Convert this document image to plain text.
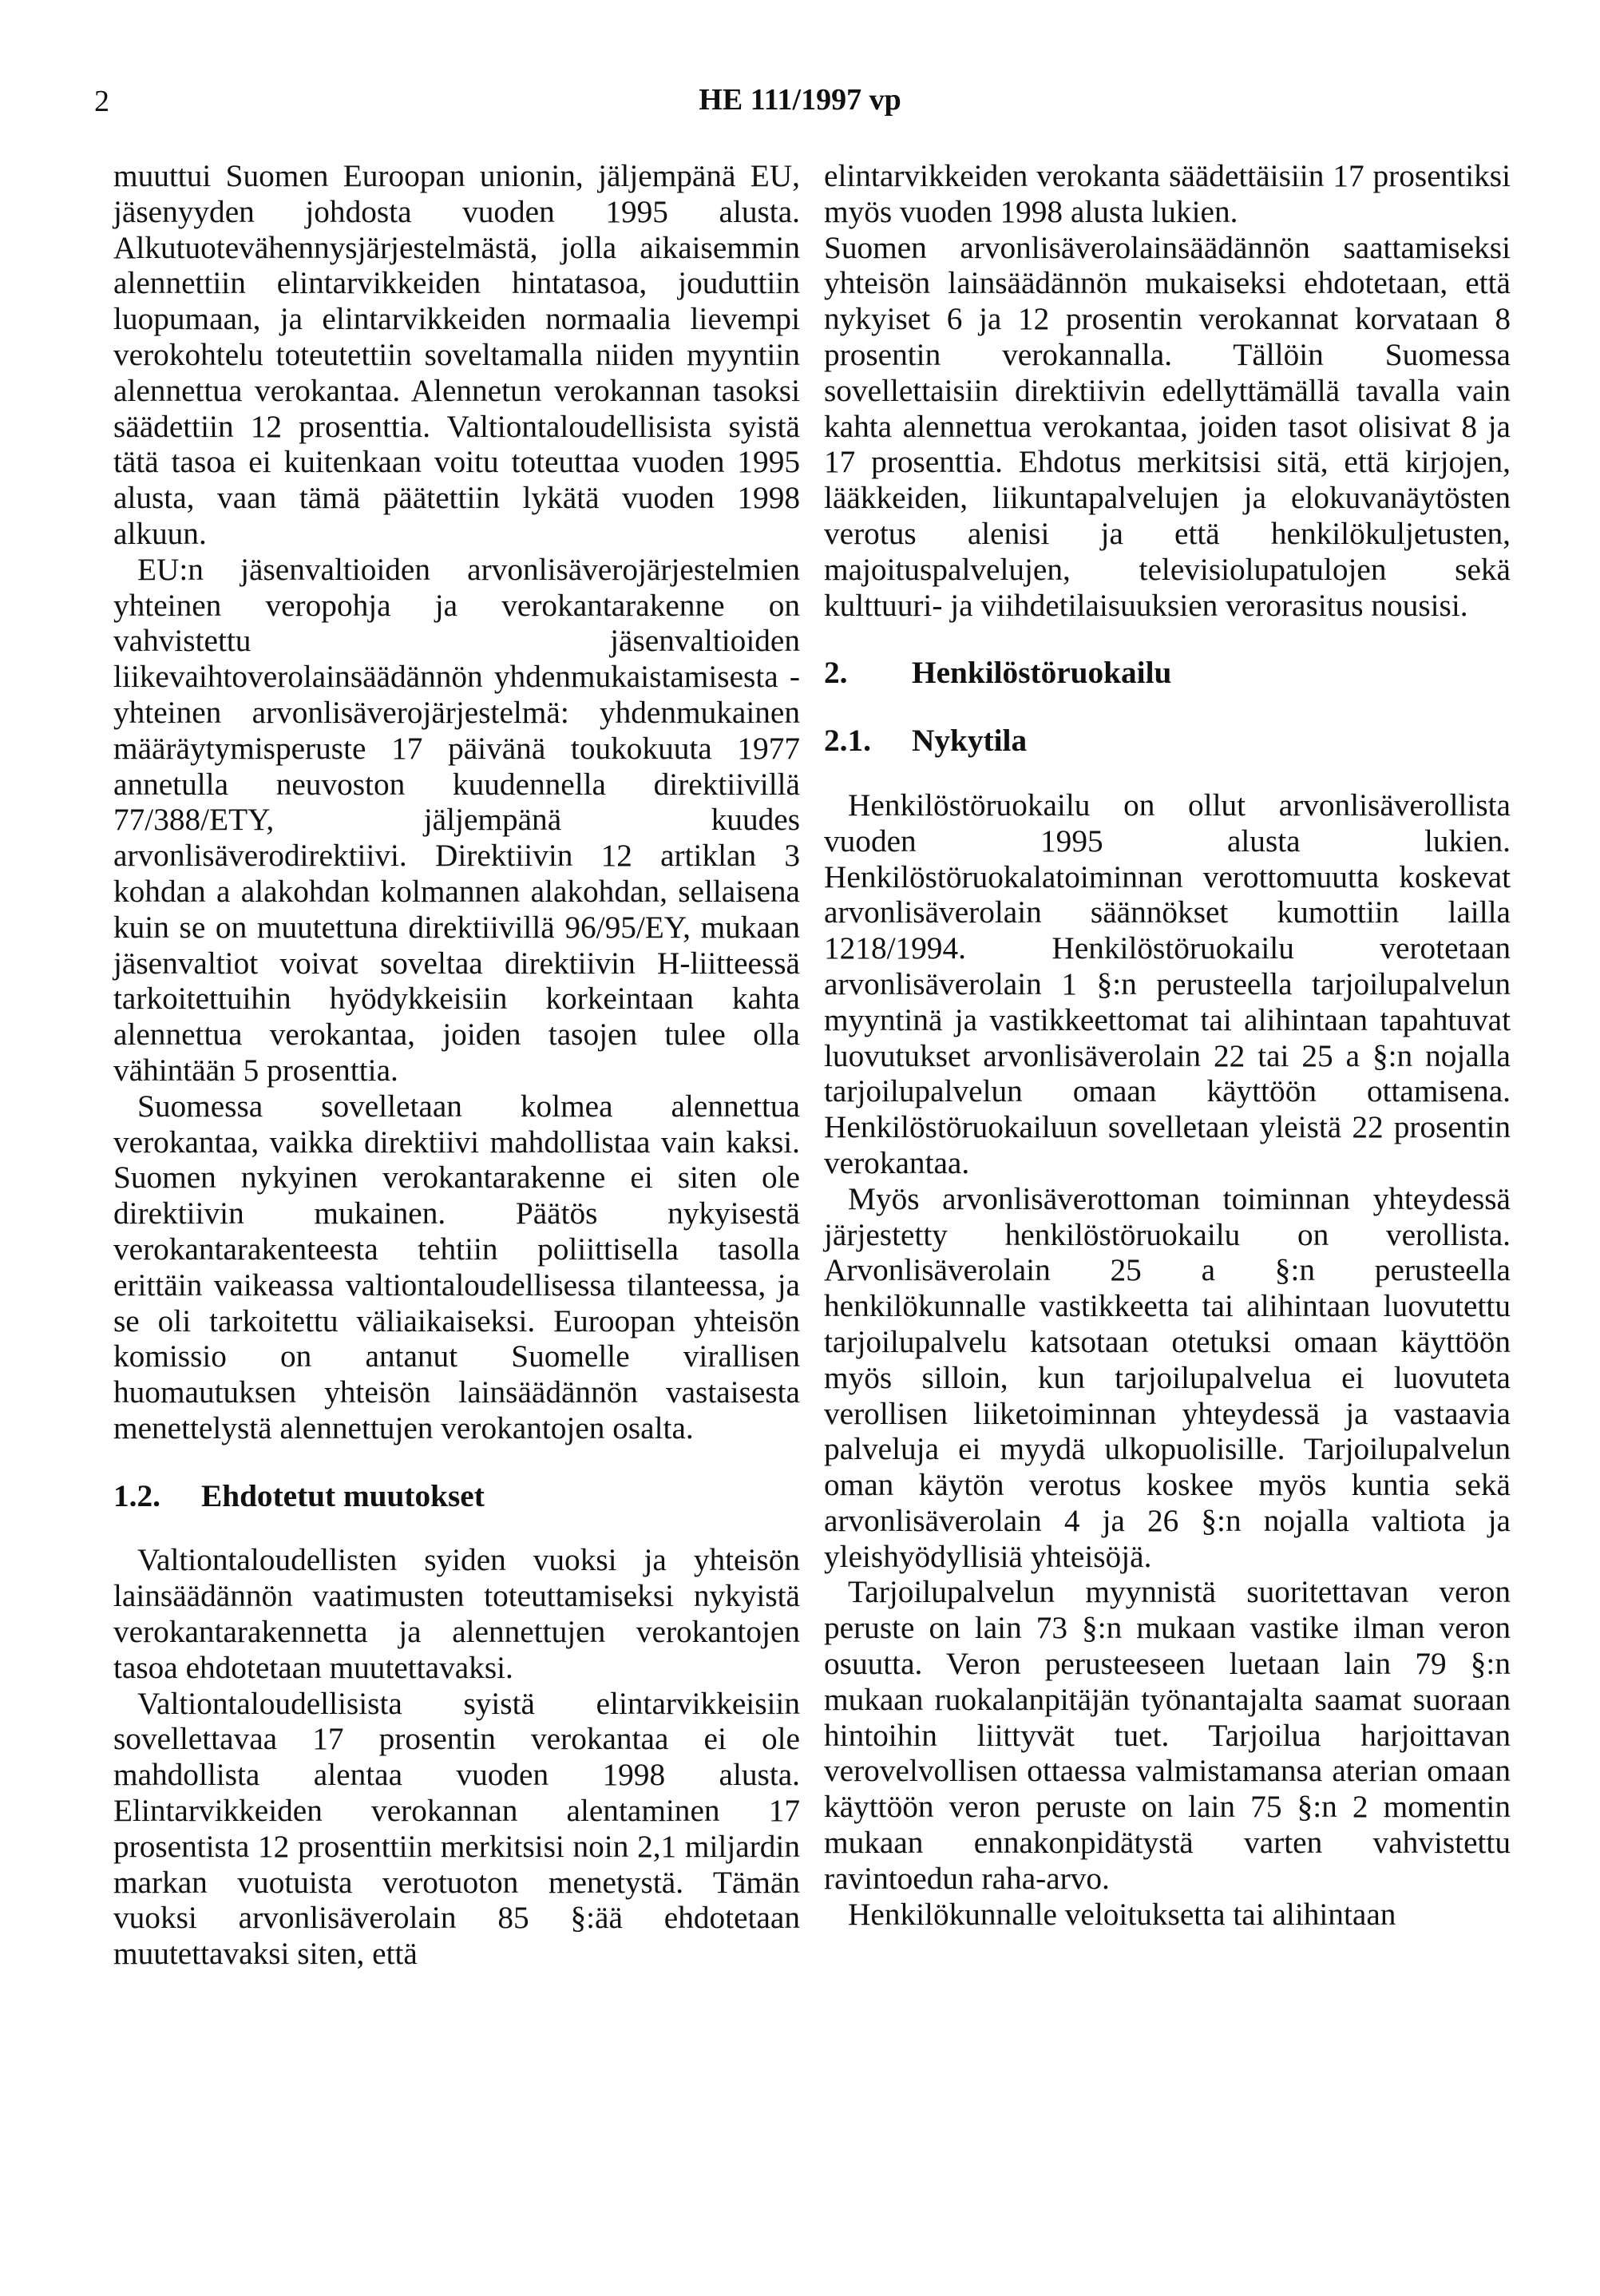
2	HE 111/1997 vp

muuttui Suomen Euroopan unionin, jäljempänä EU, jäsenyyden johdosta vuoden 1995 alusta. Alkutuotevähennysjärjestelmästä, jolla aikaisemmin alennettiin elintarvikkeiden hintatasoa, jouduttiin luopumaan, ja elintarvikkeiden normaalia lievempi verokohtelu toteutettiin soveltamalla niiden myyntiin alennettua verokantaa. Alennetun verokannan tasoksi säädettiin 12 prosenttia. Valtiontaloudellisista syistä tätä tasoa ei kuitenkaan voitu toteuttaa vuoden 1995 alusta, vaan tämä päätettiin lykätä vuoden 1998 alkuun.

EU:n jäsenvaltioiden arvonlisäverojärjestelmien yhteinen veropohja ja verokantarakenne on vahvistettu jäsenvaltioiden liikevaihtoverolainsäädännön yhdenmukaistamisesta - yhteinen arvonlisäverojärjestelmä: yhdenmukainen määräytymisperuste 17 päivänä toukokuuta 1977 annetulla neuvoston kuudennella direktiivillä 77/388/ETY, jäljempänä kuudes arvonlisäverodirektiivi. Direktiivin 12 artiklan 3 kohdan a alakohdan kolmannen alakohdan, sellaisena kuin se on muutettuna direktiivillä 96/95/EY, mukaan jäsenvaltiot voivat soveltaa direktiivin H-liitteessä tarkoitettuihin hyödykkeisiin korkeintaan kahta alennettua verokantaa, joiden tasojen tulee olla vähintään 5 prosenttia.

Suomessa sovelletaan kolmea alennettua verokantaa, vaikka direktiivi mahdollistaa vain kaksi. Suomen nykyinen verokantarakenne ei siten ole direktiivin mukainen. Päätös nykyisestä verokantarakenteesta tehtiin poliittisella tasolla erittäin vaikeassa valtiontaloudellisessa tilanteessa, ja se oli tarkoitettu väliaikaiseksi. Euroopan yhteisön komissio on antanut Suomelle virallisen huomautuksen yhteisön lainsäädännön vastaisesta menettelystä alennettujen verokantojen osalta.

1.2. Ehdotetut muutokset

Valtiontaloudellisten syiden vuoksi ja yhteisön lainsäädännön vaatimusten toteuttamiseksi nykyistä verokantarakennetta ja alennettujen verokantojen tasoa ehdotetaan muutettavaksi.

Valtiontaloudellisista syistä elintarvikkeisiin sovellettavaa 17 prosentin verokantaa ei ole mahdollista alentaa vuoden 1998 alusta. Elintarvikkeiden verokannan alentaminen 17 prosentista 12 prosenttiin merkitsisi noin 2,1 miljardin markan vuotuista verotuoton menetystä. Tämän vuoksi arvonlisäverolain 85 §:ää ehdotetaan muutettavaksi siten, että

elintarvikkeiden verokanta säädettäisiin 17 prosentiksi myös vuoden 1998 alusta lukien.

Suomen arvonlisäverolainsäädännön saattamiseksi yhteisön lainsäädännön mukaiseksi ehdotetaan, että nykyiset 6 ja 12 prosentin verokannat korvataan 8 prosentin verokannalla. Tällöin Suomessa sovellettaisiin direktiivin edellyttämällä tavalla vain kahta alennettua verokantaa, joiden tasot olisivat 8 ja 17 prosenttia. Ehdotus merkitsisi sitä, että kirjojen, lääkkeiden, liikuntapalvelujen ja elokuvanäytösten verotus alenisi ja että henkilökuljetusten, majoituspalvelujen, televisiolupatulojen sekä kulttuuri- ja viihdetilaisuuksien verorasitus nousisi.

2. Henkilöstöruokailu
2.1. Nykytila

Henkilöstöruokailu on ollut arvonlisäverollista vuoden 1995 alusta lukien. Henkilöstöruokalatoiminnan verottomuutta koskevat arvonlisäverolain säännökset kumottiin lailla 1218/1994. Henkilöstöruokailu verotetaan arvonlisäverolain 1 §:n perusteella tarjoilupalvelun myyntinä ja vastikkeettomat tai alihintaan tapahtuvat luovutukset arvonlisäverolain 22 tai 25 a §:n nojalla tarjoilupalvelun omaan käyttöön ottamisena. Henkilöstöruokailuun sovelletaan yleistä 22 prosentin verokantaa.

Myös arvonlisäverottoman toiminnan yhteydessä järjestetty henkilöstöruokailu on verollista. Arvonlisäverolain 25 a §:n perusteella henkilökunnalle vastikkeetta tai alihintaan luovutettu tarjoilupalvelu katsotaan otetuksi omaan käyttöön myös silloin, kun tarjoilupalvelua ei luovuteta verollisen liiketoiminnan yhteydessä ja vastaavia palveluja ei myydä ulkopuolisille. Tarjoilupalvelun oman käytön verotus koskee myös kuntia sekä arvonlisäverolain 4 ja 26 §:n nojalla valtiota ja yleishyödyllisiä yhteisöjä.

Tarjoilupalvelun myynnistä suoritettavan veron peruste on lain 73 §:n mukaan vastike ilman veron osuutta. Veron perusteeseen luetaan lain 79 §:n mukaan ruokalanpitäjän työnantajalta saamat suoraan hintoihin liittyvät tuet. Tarjoilua harjoittavan verovelvollisen ottaessa valmistamansa aterian omaan käyttöön veron peruste on lain 75 §:n 2 momentin mukaan ennakonpidätystä varten vahvistettu ravintoedun raha-arvo.

Henkilökunnalle veloituksetta tai alihintaan
